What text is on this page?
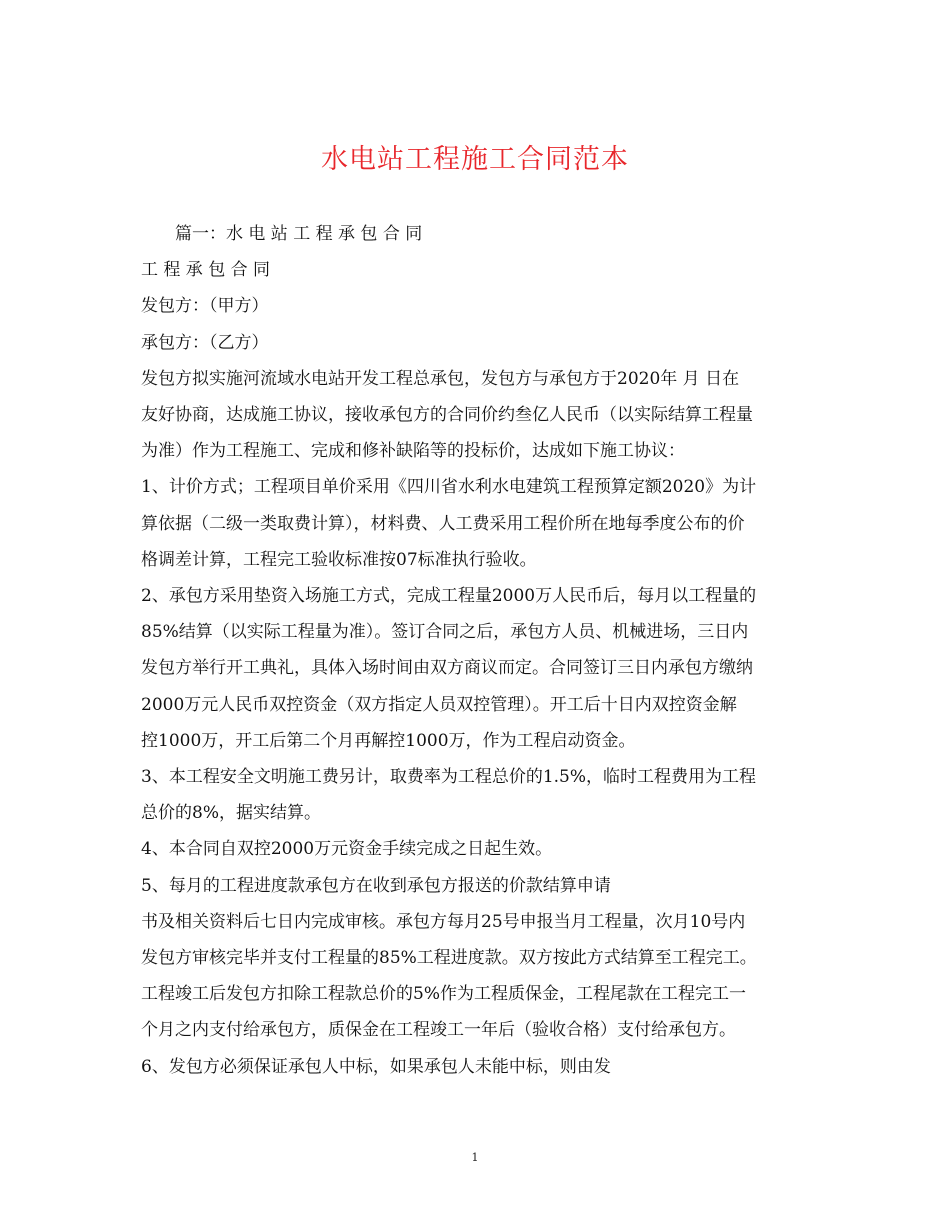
水电站工程施工合同范本
篇一：水 电 站 工 程 承 包 合 同
工 程 承 包 合 同
发包方：（甲方）
承包方：（乙方）
发包方拟实施河流域水电站开发工程总承包，发包方与承包方于2020年 月 日在
友好协商，达成施工协议，接收承包方的合同价约叁亿人民币（以实际结算工程量
为准）作为工程施工、完成和修补缺陷等的投标价，达成如下施工协议：
1、计价方式；工程项目单价采用《四川省水利水电建筑工程预算定额2020》为计
算依据（二级一类取费计算），材料费、人工费采用工程价所在地每季度公布的价
格调差计算，工程完工验收标准按07标准执行验收。
2、承包方采用垫资入场施工方式，完成工程量2000万人民币后，每月以工程量的
85%结算（以实际工程量为准）。签订合同之后，承包方人员、机械进场，三日内
发包方举行开工典礼，具体入场时间由双方商议而定。合同签订三日内承包方缴纳
2000万元人民币双控资金（双方指定人员双控管理）。开工后十日内双控资金解
控1000万，开工后第二个月再解控1000万，作为工程启动资金。
3、本工程安全文明施工费另计，取费率为工程总价的1.5%，临时工程费用为工程
总价的8%，据实结算。
4、本合同自双控2000万元资金手续完成之日起生效。
5、每月的工程进度款承包方在收到承包方报送的价款结算申请
书及相关资料后七日内完成审核。承包方每月25号申报当月工程量，次月10号内
发包方审核完毕并支付工程量的85%工程进度款。双方按此方式结算至工程完工。
工程竣工后发包方扣除工程款总价的5%作为工程质保金，工程尾款在工程完工一
个月之内支付给承包方，质保金在工程竣工一年后（验收合格）支付给承包方。
6、发包方必须保证承包人中标，如果承包人未能中标，则由发
1
